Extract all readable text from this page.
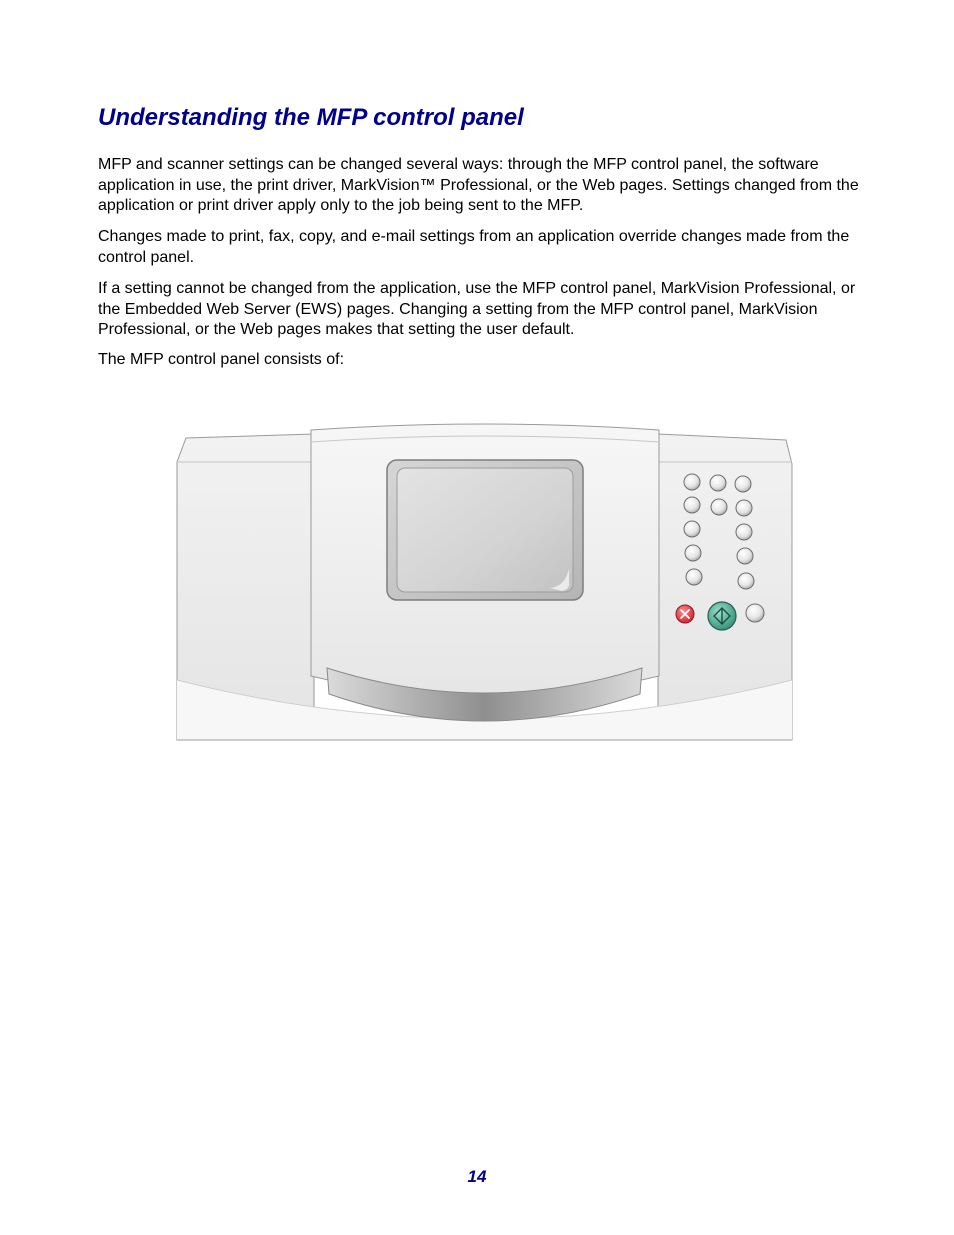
Understanding the MFP control panel

MFP and scanner settings can be changed several ways: through the MFP control panel, the software application in use, the print driver, MarkVision™ Professional, or the Web pages. Settings changed from the application or print driver apply only to the job being sent to the MFP.

Changes made to print, fax, copy, and e-mail settings from an application override changes made from the control panel.

If a setting cannot be changed from the application, use the MFP control panel, MarkVision Professional, or the Embedded Web Server (EWS) pages. Changing a setting from the MFP control panel, MarkVision Professional, or the Web pages makes that setting the user default.

The MFP control panel consists of:

14
